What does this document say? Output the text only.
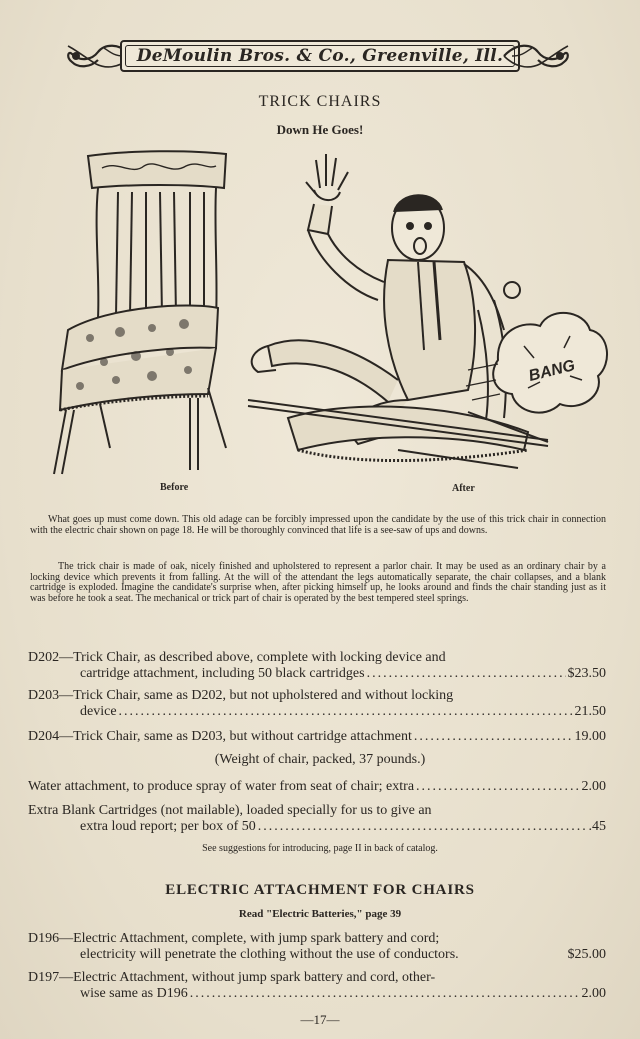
DeMoulin Bros. & Co., Greenville, Ill.
TRICK CHAIRS
Down He Goes!
Before
BANG
After

What goes up must come down. This old adage can be forcibly impressed upon the candidate by the use of this trick chair in connection with the electric chair shown on page 18. He will be thoroughly convinced that life is a see-saw of ups and downs.

The trick chair is made of oak, nicely finished and upholstered to represent a parlor chair. It may be used as an ordinary chair by a locking device which prevents it from falling. At the will of the attendant the legs automatically separate, the chair collapses, and a blank cartridge is exploded. Imagine the candidate's surprise when, after picking himself up, he looks around and finds the chair standing just as it was before he took a seat. The mechanical or trick part of chair is operated by the best tempered steel springs.

D202—Trick Chair, as described above, complete with locking device and
cartridge attachment, including 50 black cartridges .....	$23.50
D203—Trick Chair, same as D202, but not upholstered and without locking
device .....	21.50
D204—Trick Chair, same as D203, but without cartridge attachment .....	19.00
(Weight of chair, packed, 37 pounds.)
Water attachment, to produce spray of water from seat of chair; extra .....	2.00
Extra Blank Cartridges (not mailable), loaded specially for us to give an
extra loud report; per box of 50 .....	.45
See suggestions for introducing, page II in back of catalog.
ELECTRIC ATTACHMENT FOR CHAIRS
Read "Electric Batteries," page 39
D196—Electric Attachment, complete, with jump spark battery and cord;
electricity will penetrate the clothing without the use of conductors.	$25.00
D197—Electric Attachment, without jump spark battery and cord, other-
wise same as D196 .....	2.00
—17—
